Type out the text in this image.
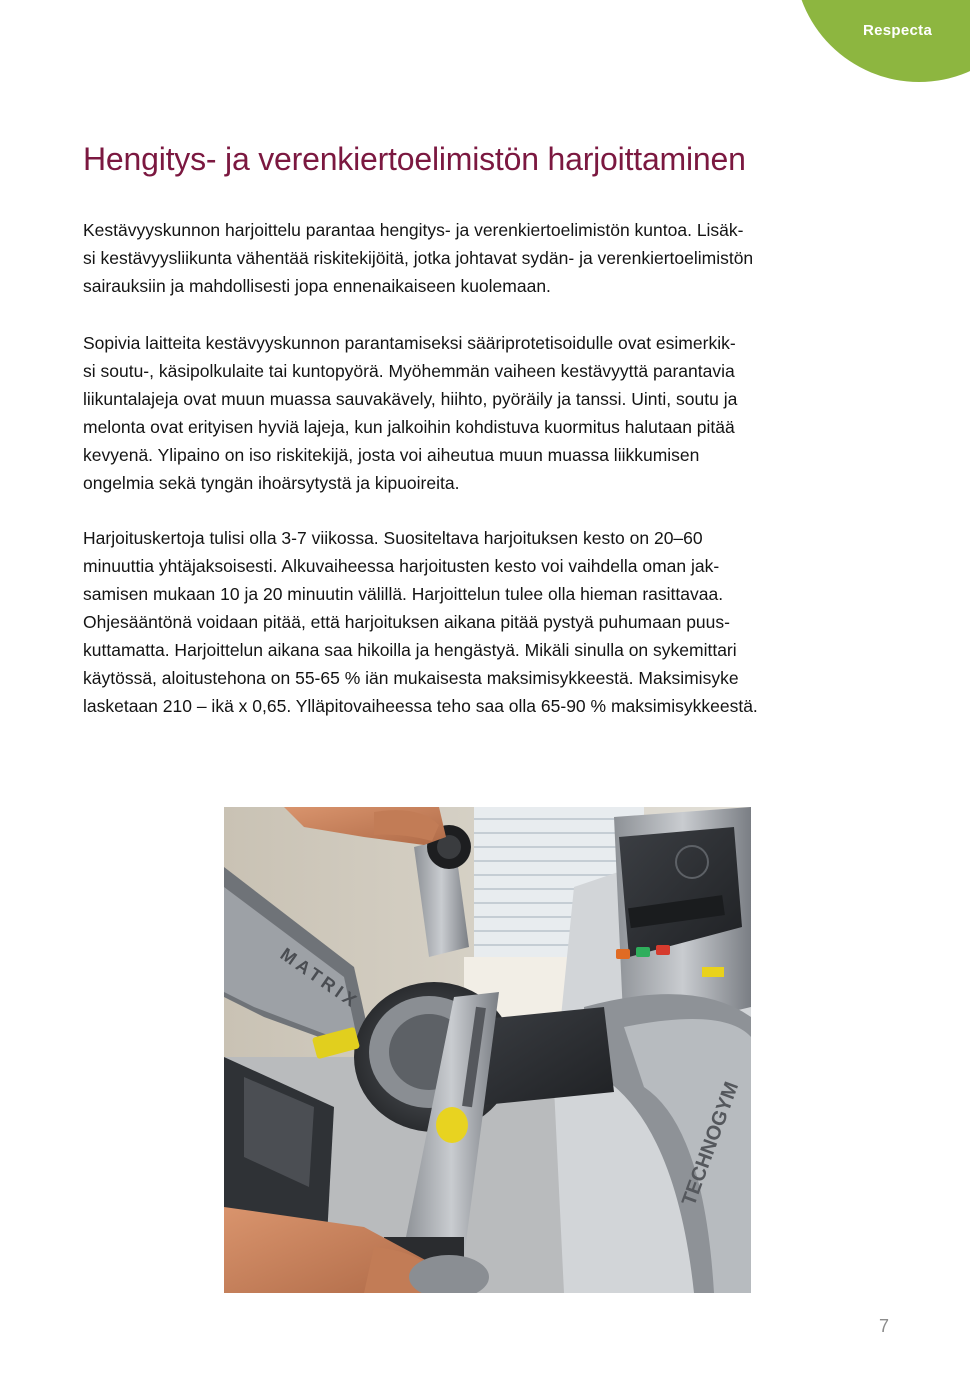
Respecta
Hengitys- ja verenkiertoelimistön harjoittaminen
Kestävyyskunnon harjoittelu parantaa hengitys- ja verenkiertoelimistön kuntoa. Lisäk-
si kestävyysliikunta vähentää riskitekijöitä, jotka johtavat sydän- ja verenkiertoelimistön
sairauksiin ja mahdollisesti jopa ennenaikaiseen kuolemaan.
Sopivia laitteita kestävyyskunnon parantamiseksi sääriprotetisoidulle ovat esimerkik-
si soutu-, käsipolkulaite tai kuntopyörä. Myöhemmän vaiheen kestävyyttä parantavia
liikuntalajeja ovat muun muassa sauvakävely, hiihto, pyöräily ja tanssi. Uinti, soutu ja
melonta ovat erityisen hyviä lajeja, kun jalkoihin kohdistuva kuormitus halutaan pitää
kevyenä. Ylipaino on iso riskitekijä, josta voi aiheutua muun muassa liikkumisen
ongelmia sekä tyngän ihoärsytystä ja kipuoireita.
Harjoituskertoja tulisi olla 3-7 viikossa. Suositeltava harjoituksen kesto on 20–60
minuuttia yhtäjaksoisesti. Alkuvaiheessa harjoitusten kesto voi vaihdella oman jak-
samisen mukaan 10 ja 20 minuutin välillä. Harjoittelun tulee olla hieman rasittavaa.
Ohjesääntönä voidaan pitää, että harjoituksen aikana pitää pystyä puhumaan puus-
kuttamatta. Harjoittelun aikana saa hikoilla ja hengästyä. Mikäli sinulla on sykemittari
käytössä, aloitustehona on 55-65 % iän mukaisesta maksimisykkeestä. Maksimisyke
lasketaan 210 – ikä x 0,65. Ylläpitovaiheessa teho saa olla 65-90 % maksimisykkeestä.
MATRIX
TECHNOGYM
7
